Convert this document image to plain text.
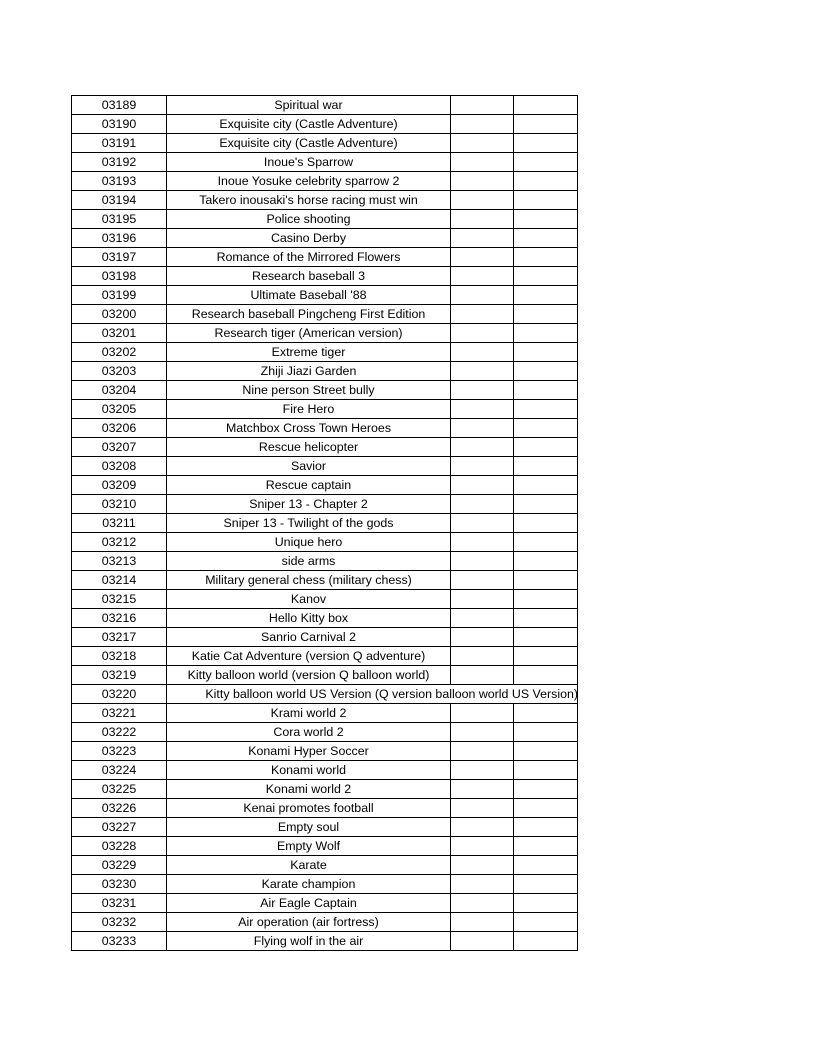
03189	Spiritual war		
03190	Exquisite city (Castle Adventure)		
03191	Exquisite city (Castle Adventure)		
03192	Inoue's Sparrow		
03193	Inoue Yosuke celebrity sparrow 2		
03194	Takero inousaki's horse racing must win		
03195	Police shooting		
03196	Casino Derby		
03197	Romance of the Mirrored Flowers		
03198	Research baseball 3		
03199	Ultimate Baseball '88		
03200	Research baseball Pingcheng First Edition		
03201	Research tiger (American version)		
03202	Extreme tiger		
03203	Zhiji Jiazi Garden		
03204	Nine person Street bully		
03205	Fire Hero		
03206	Matchbox Cross Town Heroes		
03207	Rescue helicopter		
03208	Savior		
03209	Rescue captain		
03210	Sniper 13 - Chapter 2		
03211	Sniper 13 - Twilight of the gods		
03212	Unique hero		
03213	side arms		
03214	Military general chess (military chess)		
03215	Kanov		
03216	Hello Kitty box		
03217	Sanrio Carnival 2		
03218	Katie Cat Adventure (version Q adventure)		
03219	Kitty balloon world (version Q balloon world)		
03220	Kitty balloon world US Version (Q version balloon world US Version)		

03221	Krami world 2		
03222	Cora world 2		
03223	Konami Hyper Soccer		
03224	Konami world		
03225	Konami world 2		
03226	Kenai promotes football		
03227	Empty soul		
03228	Empty Wolf		
03229	Karate		
03230	Karate champion		
03231	Air Eagle Captain		
03232	Air operation (air fortress)		
03233	Flying wolf in the air		
